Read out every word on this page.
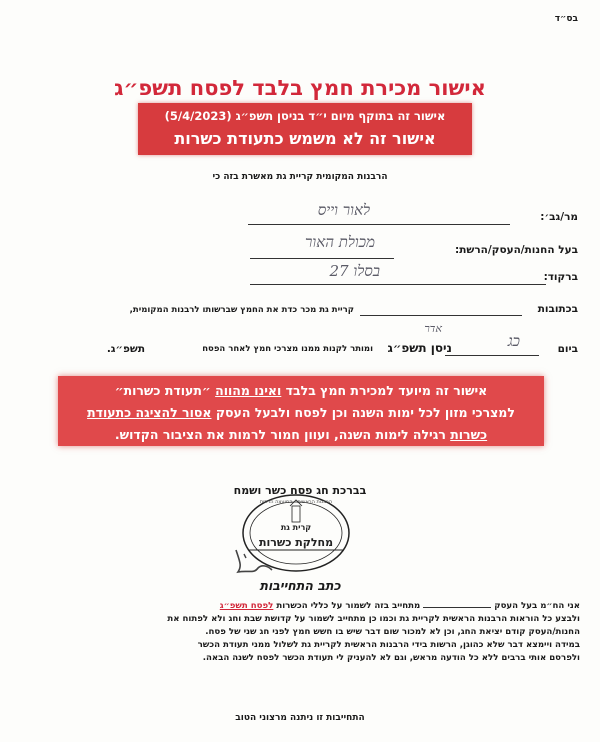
בס״ד
אישור מכירת חמץ בלבד לפסח תשפ״ג
אישור זה בתוקף מיום י״ד בניסן תשפ״ג (5/4/2023)
אישור זה לא משמש כתעודת כשרות
הרבנות המקומית קריית גת מאשרת בזה כי
מר/גב׳:
לאור וייס
בעל החנות/העסק/הרשת:
מכולת האור
ברקוד:
בסלו 27
בכתובות
קריית גת מכר כדת את החמץ שברשותו לרבנות המקומית,
ביום
כג
אדר
ניסן תשפ״ג
ומותר לקנות ממנו מצרכי חמץ לאחר הפסח
תשפ״ג.
אישור זה מיועד למכירת חמץ בלבד ואינו מהווה ״תעודת כשרות״
למצרכי מזון לכל ימות השנה וכן לפסח ולבעל העסק אסור להציגה כתעודת
כשרות רגילה לימות השנה, ועוון חמור לרמות את הציבור הקדוש.
בברכת חג פסח כשר ושמח
קרית גת
מחלקת כשרות
הרבנות הראשית - המועצה הדתית
כתב התחייבות
אני הח״מ בעל העסק  מתחייב בזה לשמור על כללי הכשרות לפסח תשפ״ג
ולבצע כל הוראות הרבנות הראשית לקריית גת וכמו כן מתחייב לשמור על קדושת שבת וחג ולא לפתוח את
החנות/העסק קודם יציאת החג, וכן לא למכור שום דבר שיש בו חשש חמץ לפני חג שני של פסח.
במידה ויימצא דבר שלא כהוגן, הרשות בידי הרבנות הראשית לקריית גת לשלול ממני תעודת הכשר
ולפרסם אותי ברבים ללא כל הודעה מראש, וגם לא להעניק לי תעודת הכשר לפסח לשנה הבאה.
התחייבות זו ניתנה מרצוני הטוב
